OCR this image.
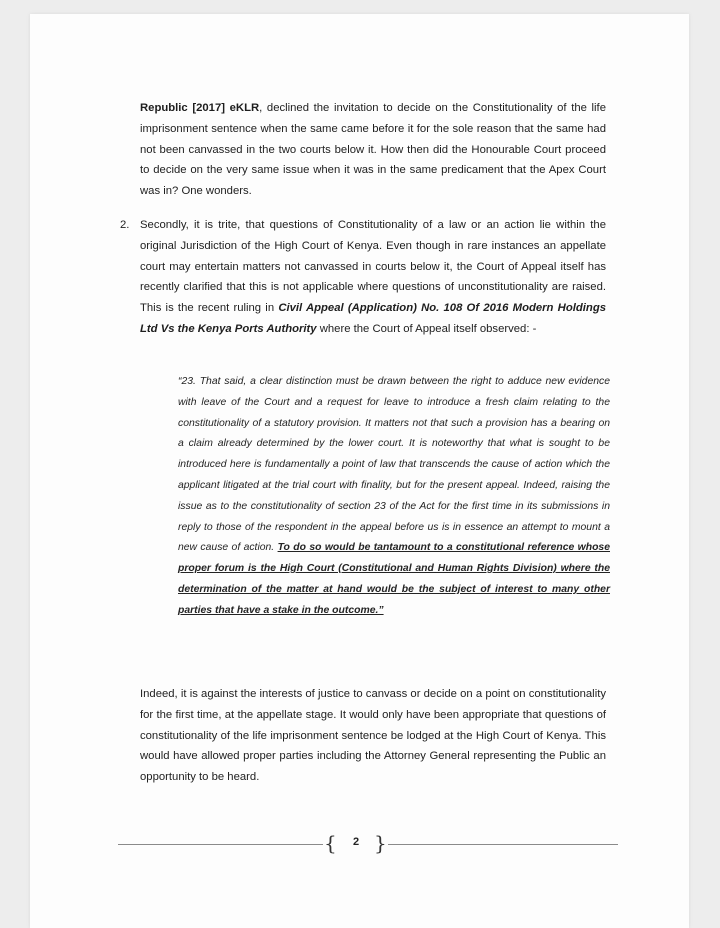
Republic [2017] eKLR, declined the invitation to decide on the Constitutionality of the life imprisonment sentence when the same came before it for the sole reason that the same had not been canvassed in the two courts below it. How then did the Honourable Court proceed to decide on the very same issue when it was in the same predicament that the Apex Court was in? One wonders.
2. Secondly, it is trite, that questions of Constitutionality of a law or an action lie within the original Jurisdiction of the High Court of Kenya. Even though in rare instances an appellate court may entertain matters not canvassed in courts below it, the Court of Appeal itself has recently clarified that this is not applicable where questions of unconstitutionality are raised. This is the recent ruling in Civil Appeal (Application) No. 108 Of 2016 Modern Holdings Ltd Vs the Kenya Ports Authority where the Court of Appeal itself observed: -
“23. That said, a clear distinction must be drawn between the right to adduce new evidence with leave of the Court and a request for leave to introduce a fresh claim relating to the constitutionality of a statutory provision. It matters not that such a provision has a bearing on a claim already determined by the lower court. It is noteworthy that what is sought to be introduced here is fundamentally a point of law that transcends the cause of action which the applicant litigated at the trial court with finality, but for the present appeal. Indeed, raising the issue as to the constitutionality of section 23 of the Act for the first time in its submissions in reply to those of the respondent in the appeal before us is in essence an attempt to mount a new cause of action. To do so would be tantamount to a constitutional reference whose proper forum is the High Court (Constitutional and Human Rights Division) where the determination of the matter at hand would be the subject of interest to many other parties that have a stake in the outcome.”
Indeed, it is against the interests of justice to canvass or decide on a point on constitutionality for the first time, at the appellate stage. It would only have been appropriate that questions of constitutionality of the life imprisonment sentence be lodged at the High Court of Kenya. This would have allowed proper parties including the Attorney General representing the Public an opportunity to be heard.
{	2 }
